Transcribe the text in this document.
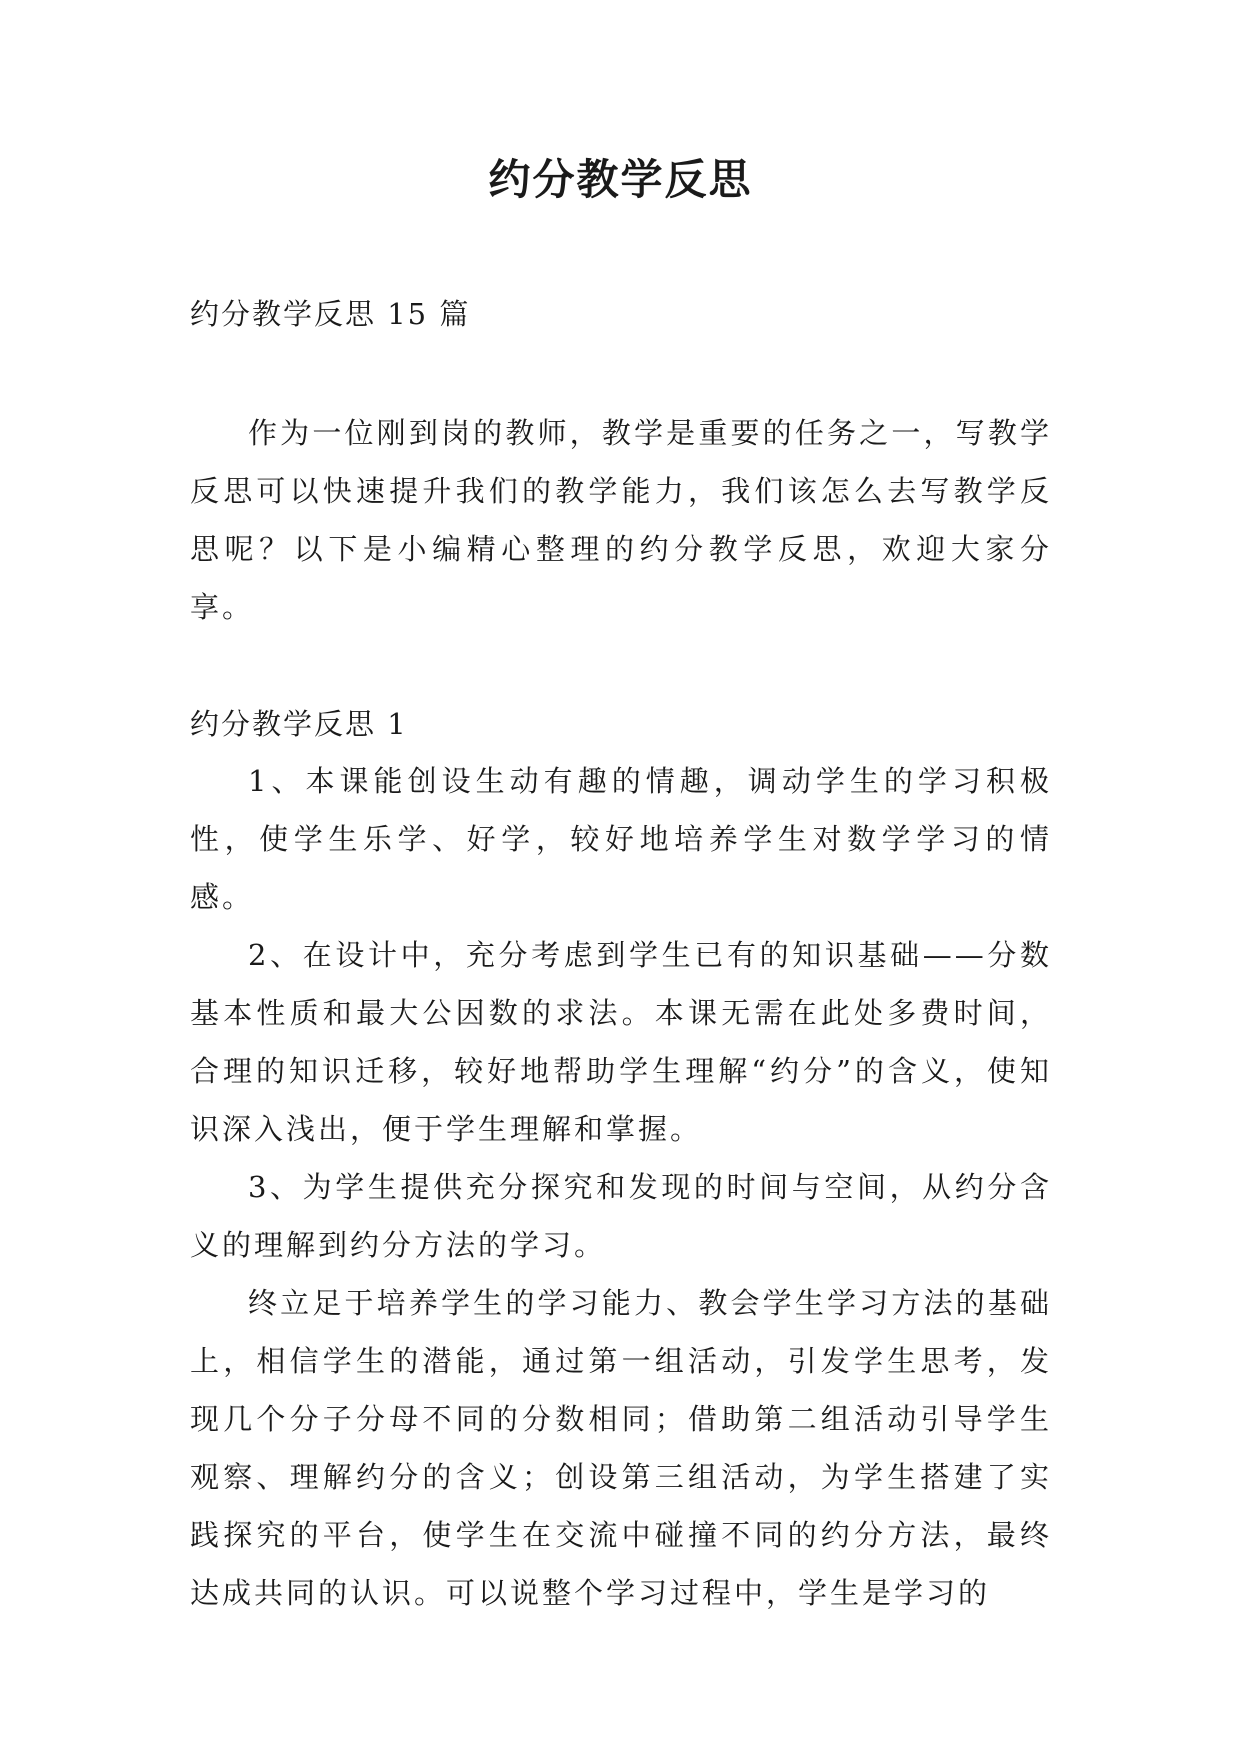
约分教学反思
约分教学反思 15 篇

作为一位刚到岗的教师，教学是重要的任务之一，写教学反思可以快速提升我们的教学能力，我们该怎么去写教学反思呢？以下是小编精心整理的约分教学反思，欢迎大家分享。

约分教学反思 1

1、本课能创设生动有趣的情趣，调动学生的学习积极性，使学生乐学、好学，较好地培养学生对数学学习的情感。

2、在设计中，充分考虑到学生已有的知识基础——分数基本性质和最大公因数的求法。本课无需在此处多费时间，合理的知识迁移，较好地帮助学生理解“约分”的含义，使知识深入浅出，便于学生理解和掌握。

3、为学生提供充分探究和发现的时间与空间，从约分含义的理解到约分方法的学习。

终立足于培养学生的学习能力、教会学生学习方法的基础上，相信学生的潜能，通过第一组活动，引发学生思考，发现几个分子分母不同的分数相同；借助第二组活动引导学生观察、理解约分的含义；创设第三组活动，为学生搭建了实践探究的平台，使学生在交流中碰撞不同的约分方法，最终达成共同的认识。可以说整个学习过程中，学生是学习的
